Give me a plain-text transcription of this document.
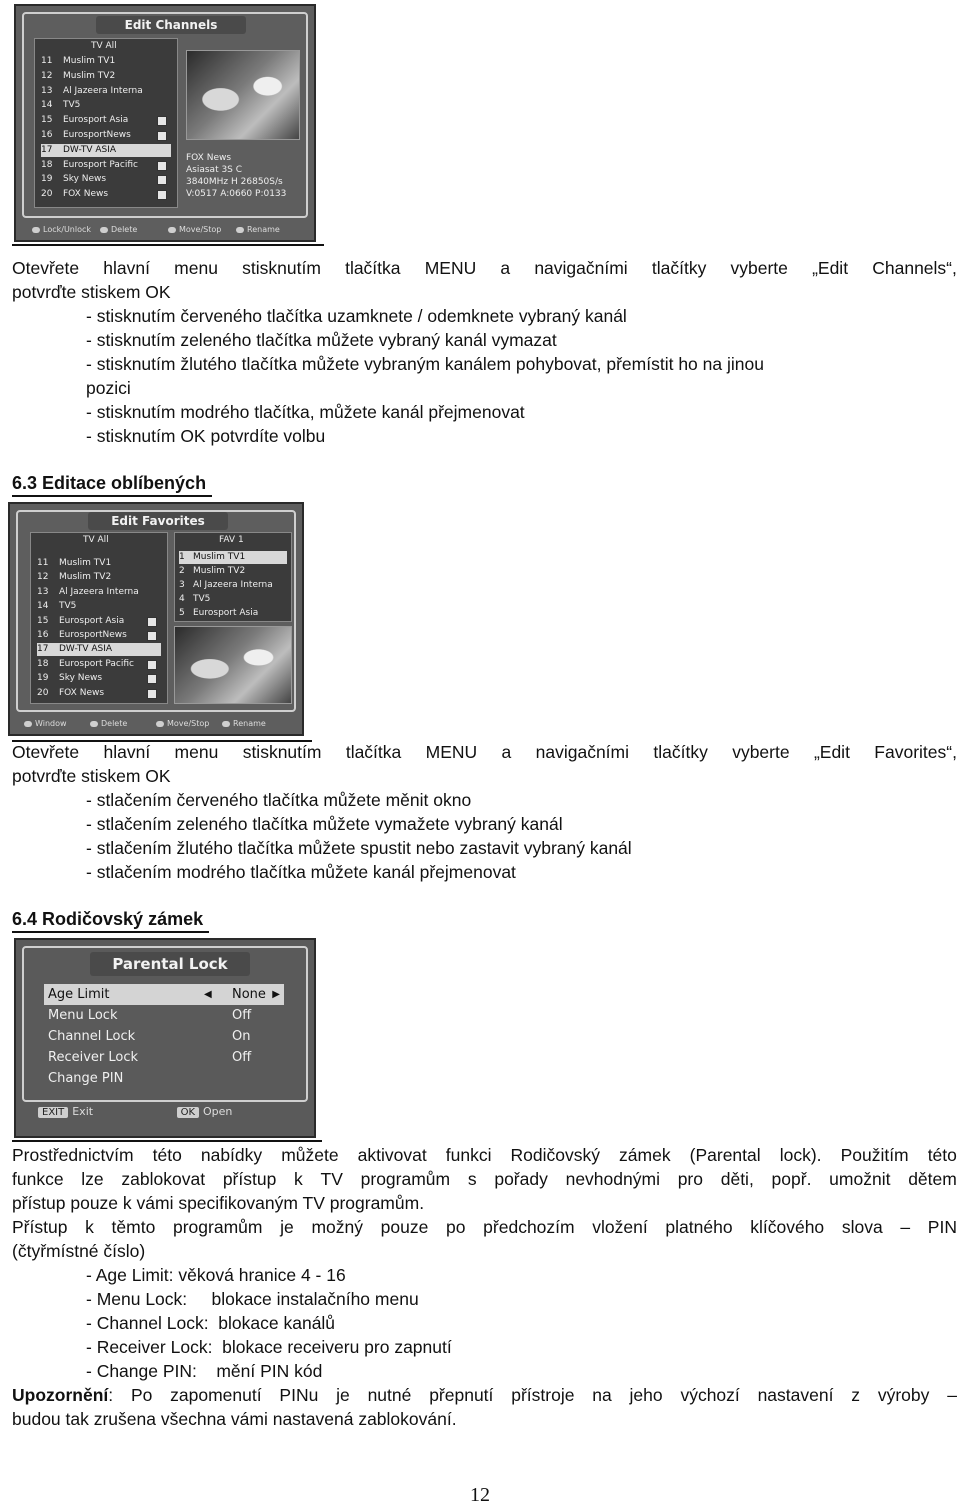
Edit Channels
TV All
11 Muslim TV1
12 Muslim TV2
13 Al Jazeera Interna
14 TV5
15 Eurosport Asia
16 EurosportNews
17 DW-TV ASIA
18 Eurosport Pacific
19 Sky News
20 FOX News
FOX News
Asiasat 3S C
3840MHz H 26850S/s
V:0517 A:0660 P:0133
Lock/Unlock	Delete	Move/Stop	Rename
Otevřete hlavní menu stisknutím tlačítka MENU a navigačními tlačítky vyberte „Edit Channels“,
potvrďte stiskem OK
- stisknutím červeného tlačítka uzamknete / odemknete vybraný kanál
- stisknutím zeleného tlačítka můžete vybraný kanál vymazat
- stisknutím žlutého tlačítka můžete vybraným kanálem pohybovat, přemístit ho na jinou
pozici
- stisknutím modrého tlačítka, můžete kanál přejmenovat
- stisknutím OK potvrdíte volbu
6.3 Editace oblíbených
Edit Favorites
TV All
11 Muslim TV1
12 Muslim TV2
13 Al Jazeera Interna
14 TV5
15 Eurosport Asia
16 EurosportNews
17 DW-TV ASIA
18 Eurosport Pacific
19 Sky News
20 FOX News
FAV 1
1 Muslim TV1
2 Muslim TV2
3 Al Jazeera Interna
4 TV5
5 Eurosport Asia
Window	Delete	Move/Stop	Rename
Otevřete hlavní menu stisknutím tlačítka MENU a navigačními tlačítky vyberte „Edit Favorites“,
potvrďte stiskem OK
- stlačením červeného tlačítka můžete měnit okno
- stlačením zeleného tlačítka můžete vymažete vybraný kanál
- stlačením žlutého tlačítka můžete spustit nebo zastavit vybraný kanál
- stlačením modrého tlačítka můžete kanál přejmenovat
6.4 Rodičovský zámek
Parental Lock
Age Limit	None
◀	▶
Menu Lock	Off
Channel Lock	On
Receiver Lock	Off
Change PIN
EXIT Exit	OK Open
Prostřednictvím této nabídky můžete aktivovat funkci Rodičovský zámek (Parental lock). Použitím této
funkce lze zablokovat přístup k TV programům s pořady nevhodnými pro děti, popř. umožnit dětem
přístup pouze k vámi specifikovaným TV programům.
Přístup k těmto programům je možný pouze po předchozím vložení platného klíčového slova – PIN
(čtyřmístné číslo)
- Age Limit: věková hranice 4 - 16
- Menu Lock:     blokace instalačního menu
- Channel Lock:  blokace kanálů
- Receiver Lock:  blokace receiveru pro zapnutí
- Change PIN:    mění PIN kód
Upozornění: Po zapomenutí PINu je nutné přepnutí přístroje na jeho výchozí nastavení z výroby –
budou tak zrušena všechna vámi nastavená zablokování.
12
